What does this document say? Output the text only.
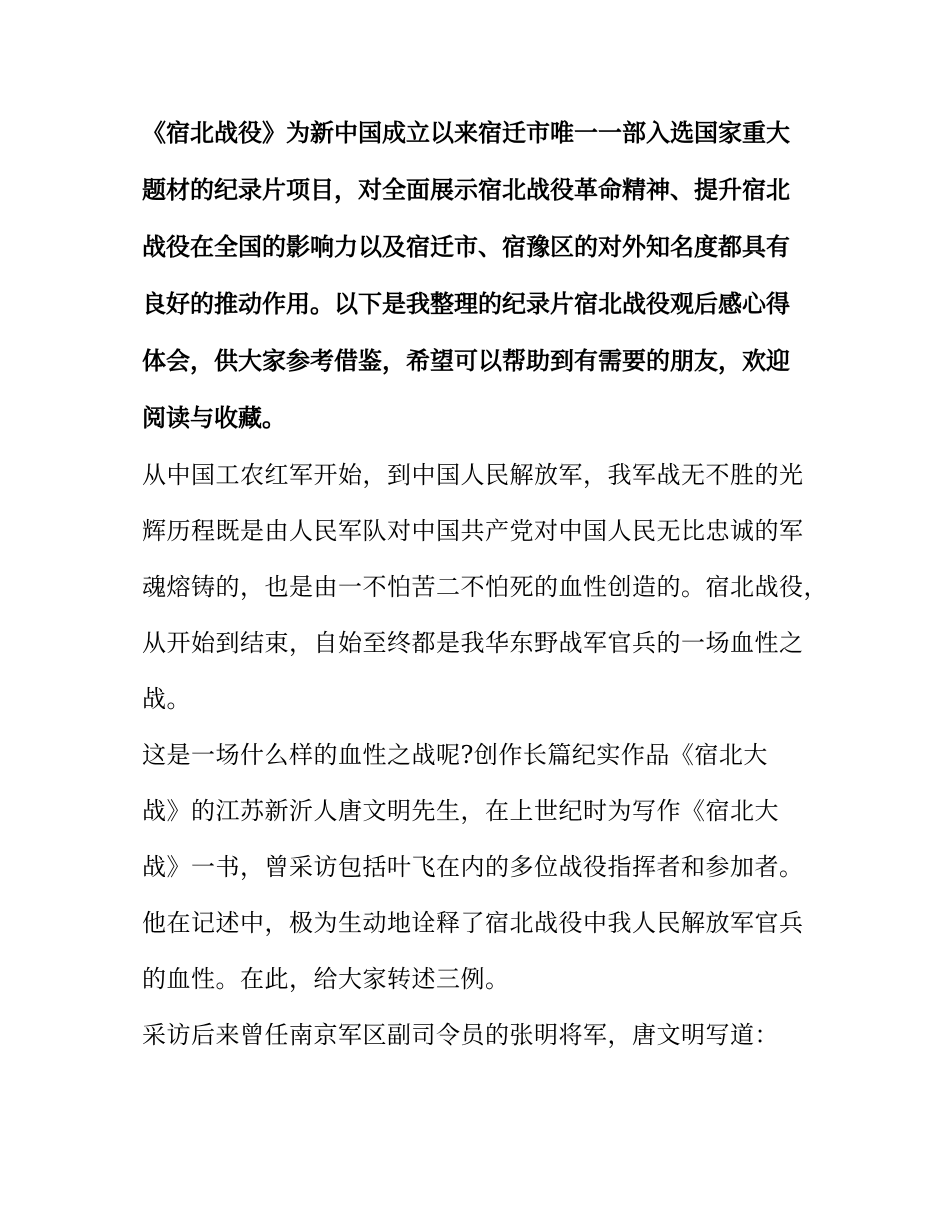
《宿北战役》为新中国成立以来宿迁市唯一一部入选国家重大
题材的纪录片项目，对全面展示宿北战役革命精神、提升宿北
战役在全国的影响力以及宿迁市、宿豫区的对外知名度都具有
良好的推动作用。以下是我整理的纪录片宿北战役观后感心得
体会，供大家参考借鉴，希望可以帮助到有需要的朋友，欢迎
阅读与收藏。
从中国工农红军开始，到中国人民解放军，我军战无不胜的光
辉历程既是由人民军队对中国共产党对中国人民无比忠诚的军
魂熔铸的，也是由一不怕苦二不怕死的血性创造的。宿北战役，
从开始到结束，自始至终都是我华东野战军官兵的一场血性之
战。
这是一场什么样的血性之战呢?创作长篇纪实作品《宿北大
战》的江苏新沂人唐文明先生，在上世纪时为写作《宿北大
战》一书，曾采访包括叶飞在内的多位战役指挥者和参加者。
他在记述中，极为生动地诠释了宿北战役中我人民解放军官兵
的血性。在此，给大家转述三例。
采访后来曾任南京军区副司令员的张明将军，唐文明写道：
